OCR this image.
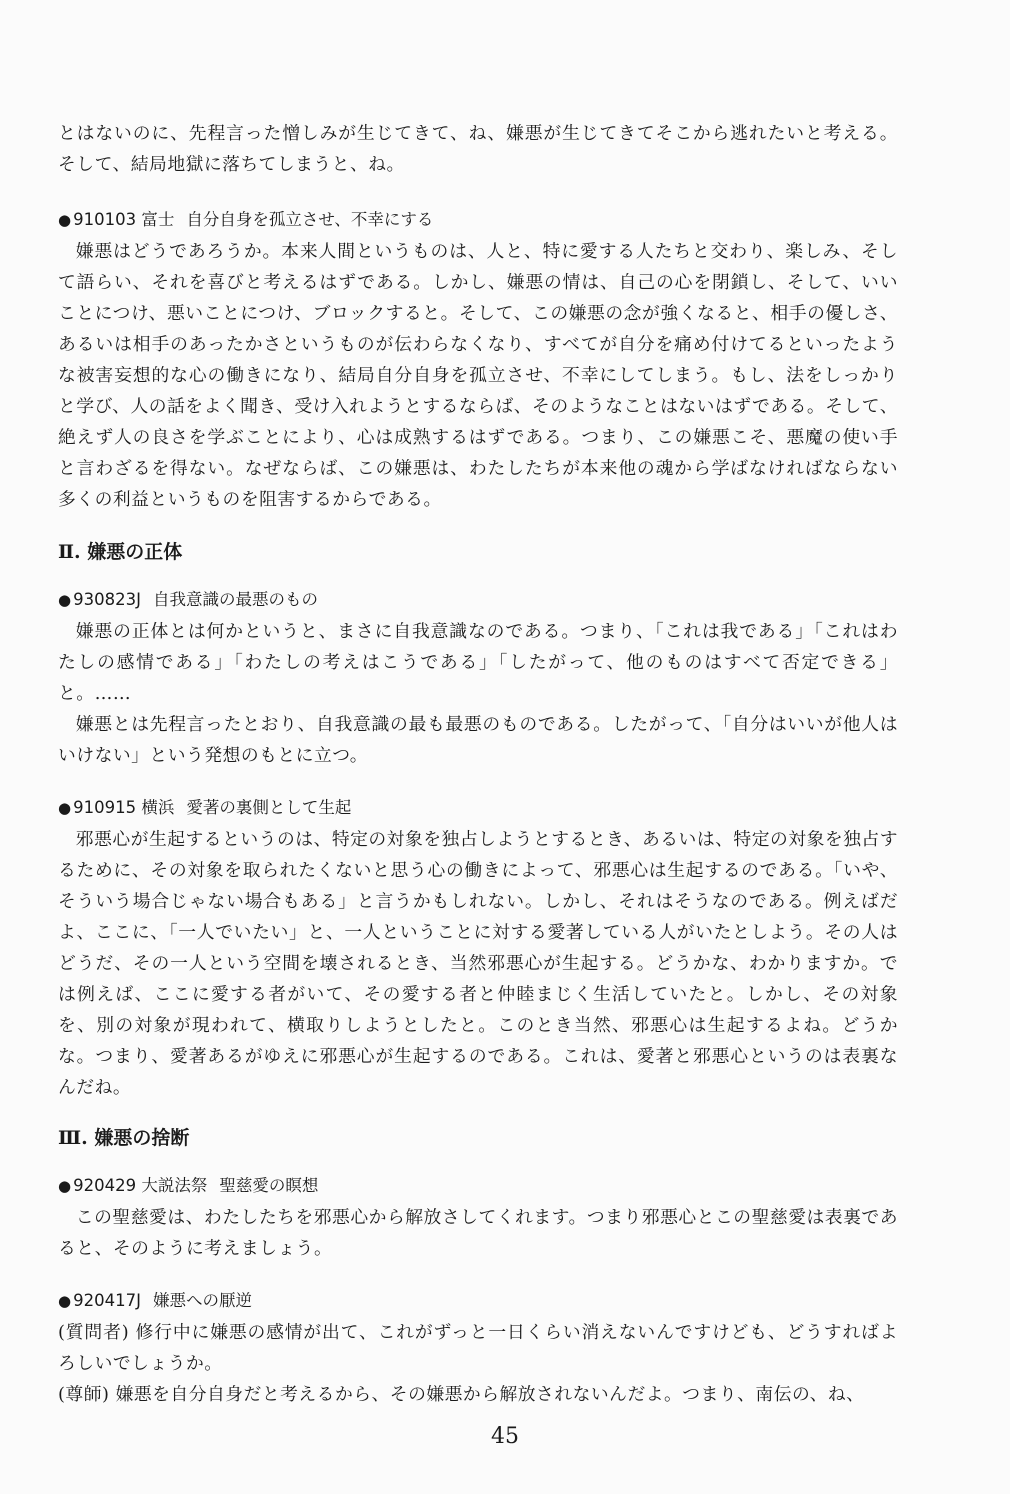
とはないのに、先程言った憎しみが生じてきて、ね、嫌悪が生じてきてそこから逃れたいと考える。そして、結局地獄に落ちてしまうと、ね。

● 910103 富士 自分自身を孤立させ、不幸にする

嫌悪はどうであろうか。本来人間というものは、人と、特に愛する人たちと交わり、楽しみ、そして語らい、それを喜びと考えるはずである。しかし、嫌悪の情は、自己の心を閉鎖し、そして、いいことにつけ、悪いことにつけ、ブロックすると。そして、この嫌悪の念が強くなると、相手の優しさ、あるいは相手のあったかさというものが伝わらなくなり、すべてが自分を痛め付けてるといったような被害妄想的な心の働きになり、結局自分自身を孤立させ、不幸にしてしまう。もし、法をしっかりと学び、人の話をよく聞き、受け入れようとするならば、そのようなことはないはずである。そして、絶えず人の良さを学ぶことにより、心は成熟するはずである。つまり、この嫌悪こそ、悪魔の使い手と言わざるを得ない。なぜならば、この嫌悪は、わたしたちが本来他の魂から学ばなければならない多くの利益というものを阻害するからである。

Ⅱ. 嫌悪の正体
● 930823J 自我意識の最悪のもの

嫌悪の正体とは何かというと、まさに自我意識なのである。つまり、「これは我である」「これはわたしの感情である」「わたしの考えはこうである」「したがって、他のものはすべて否定できる」と。……

嫌悪とは先程言ったとおり、自我意識の最も最悪のものである。したがって、「自分はいいが他人はいけない」という発想のもとに立つ。

● 910915 横浜 愛著の裏側として生起

邪悪心が生起するというのは、特定の対象を独占しようとするとき、あるいは、特定の対象を独占するために、その対象を取られたくないと思う心の働きによって、邪悪心は生起するのである。「いや、そういう場合じゃない場合もある」と言うかもしれない。しかし、それはそうなのである。例えばだよ、ここに、「一人でいたい」と、一人ということに対する愛著している人がいたとしよう。その人はどうだ、その一人という空間を壊されるとき、当然邪悪心が生起する。どうかな、わかりますか。では例えば、ここに愛する者がいて、その愛する者と仲睦まじく生活していたと。しかし、その対象を、別の対象が現われて、横取りしようとしたと。このとき当然、邪悪心は生起するよね。どうかな。つまり、愛著あるがゆえに邪悪心が生起するのである。これは、愛著と邪悪心というのは表裏なんだね。

Ⅲ. 嫌悪の捨断
● 920429 大説法祭 聖慈愛の瞑想

この聖慈愛は、わたしたちを邪悪心から解放さしてくれます。つまり邪悪心とこの聖慈愛は表裏であると、そのように考えましょう。

● 920417J 嫌悪への厭逆

(質問者) 修行中に嫌悪の感情が出て、これがずっと一日くらい消えないんですけども、どうすればよろしいでしょうか。

(尊師) 嫌悪を自分自身だと考えるから、その嫌悪から解放されないんだよ。つまり、南伝の、ね、

45
